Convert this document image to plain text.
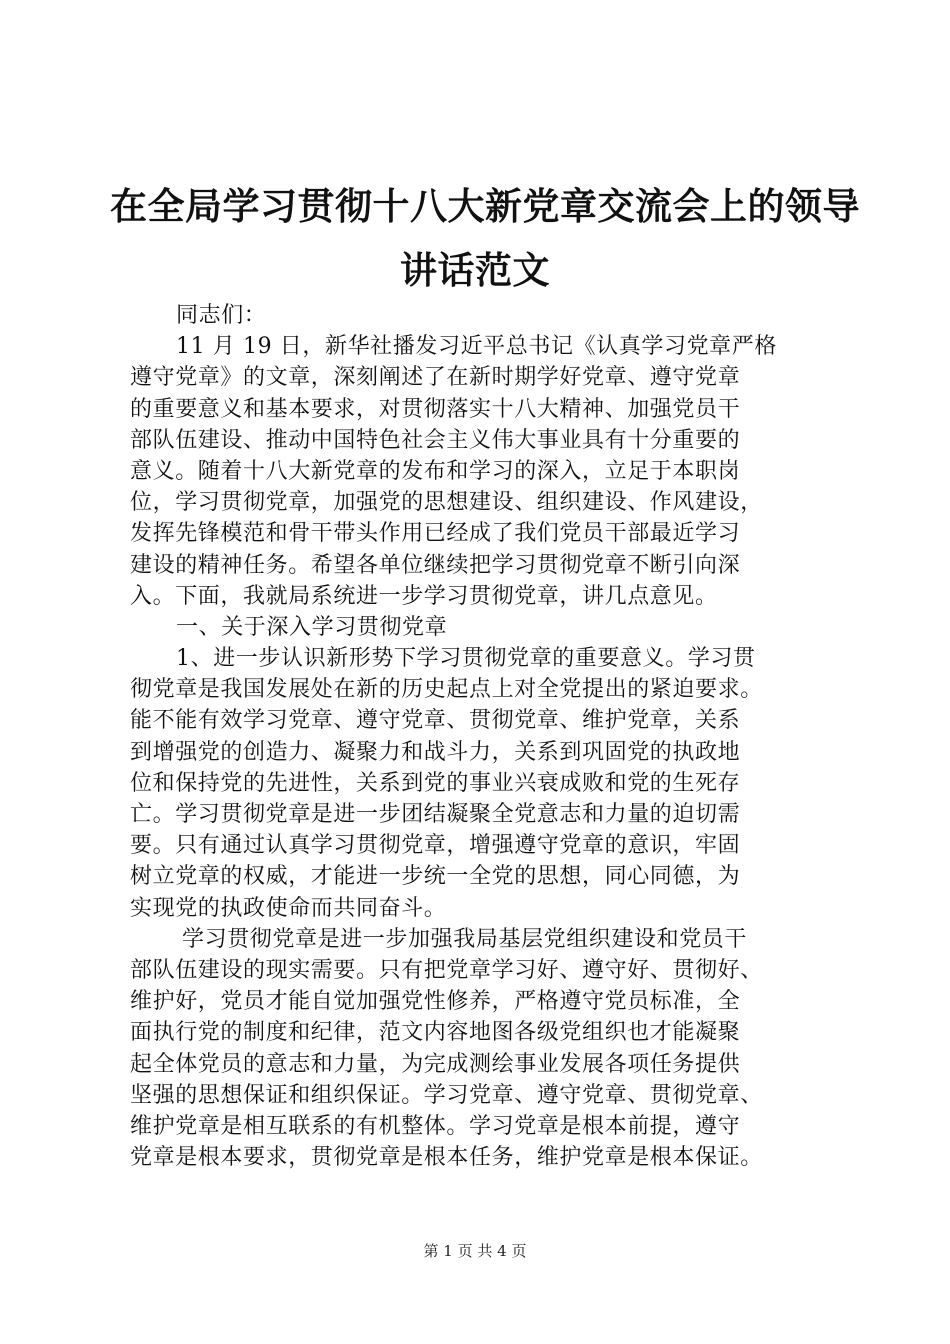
在全局学习贯彻十八大新党章交流会上的领导
讲话范文
同志们：
11 月 19 日，新华社播发习近平总书记《认真学习党章严格
遵守党章》的文章，深刻阐述了在新时期学好党章、遵守党章
的重要意义和基本要求，对贯彻落实十八大精神、加强党员干
部队伍建设、推动中国特色社会主义伟大事业具有十分重要的
意义。随着十八大新党章的发布和学习的深入，立足于本职岗
位，学习贯彻党章，加强党的思想建设、组织建设、作风建设，
发挥先锋模范和骨干带头作用已经成了我们党员干部最近学习
建设的精神任务。希望各单位继续把学习贯彻党章不断引向深
入。下面，我就局系统进一步学习贯彻党章，讲几点意见。
一、关于深入学习贯彻党章
1、进一步认识新形势下学习贯彻党章的重要意义。学习贯
彻党章是我国发展处在新的历史起点上对全党提出的紧迫要求。
能不能有效学习党章、遵守党章、贯彻党章、维护党章，关系
到增强党的创造力、凝聚力和战斗力，关系到巩固党的执政地
位和保持党的先进性，关系到党的事业兴衰成败和党的生死存
亡。学习贯彻党章是进一步团结凝聚全党意志和力量的迫切需
要。只有通过认真学习贯彻党章，增强遵守党章的意识，牢固
树立党章的权威，才能进一步统一全党的思想，同心同德，为
实现党的执政使命而共同奋斗。
学习贯彻党章是进一步加强我局基层党组织建设和党员干
部队伍建设的现实需要。只有把党章学习好、遵守好、贯彻好、
维护好，党员才能自觉加强党性修养，严格遵守党员标准，全
面执行党的制度和纪律，范文内容地图各级党组织也才能凝聚
起全体党员的意志和力量，为完成测绘事业发展各项任务提供
坚强的思想保证和组织保证。学习党章、遵守党章、贯彻党章、
维护党章是相互联系的有机整体。学习党章是根本前提，遵守
党章是根本要求，贯彻党章是根本任务，维护党章是根本保证。
第 1 页 共 4 页
